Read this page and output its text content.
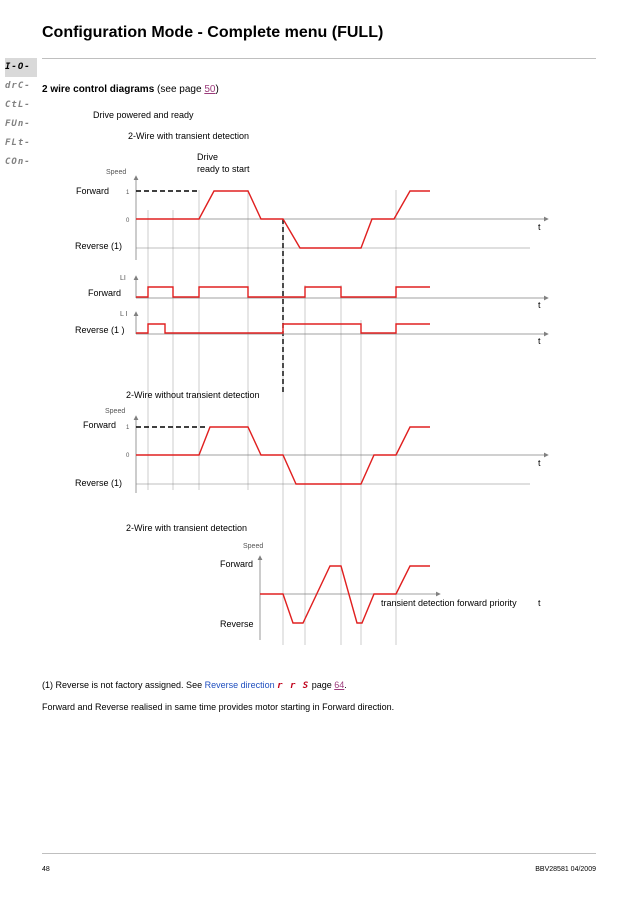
Configuration Mode - Complete menu (FULL)
I-O-
drC-
CtL-
FUn-
FLt-
COn-
2 wire control diagrams (see page 50)
Drive powered and ready
2-Wire with transient detection
Drive
ready to start
Speed
Forward	1
0
t
Reverse (1)
LI
Forward
t
L I
Reverse (1 )
t
2-Wire without transient detection
Speed
Forward 1
0
t
Reverse (1)
2-Wire with transient detection
Speed
Forward
transient detection forward priority t
Reverse
(1) Reverse is not factory assigned. See Reverse direction r r S page 64.
Forward and Reverse realised in same time provides motor starting in Forward direction.
48	BBV28581 04/2009
